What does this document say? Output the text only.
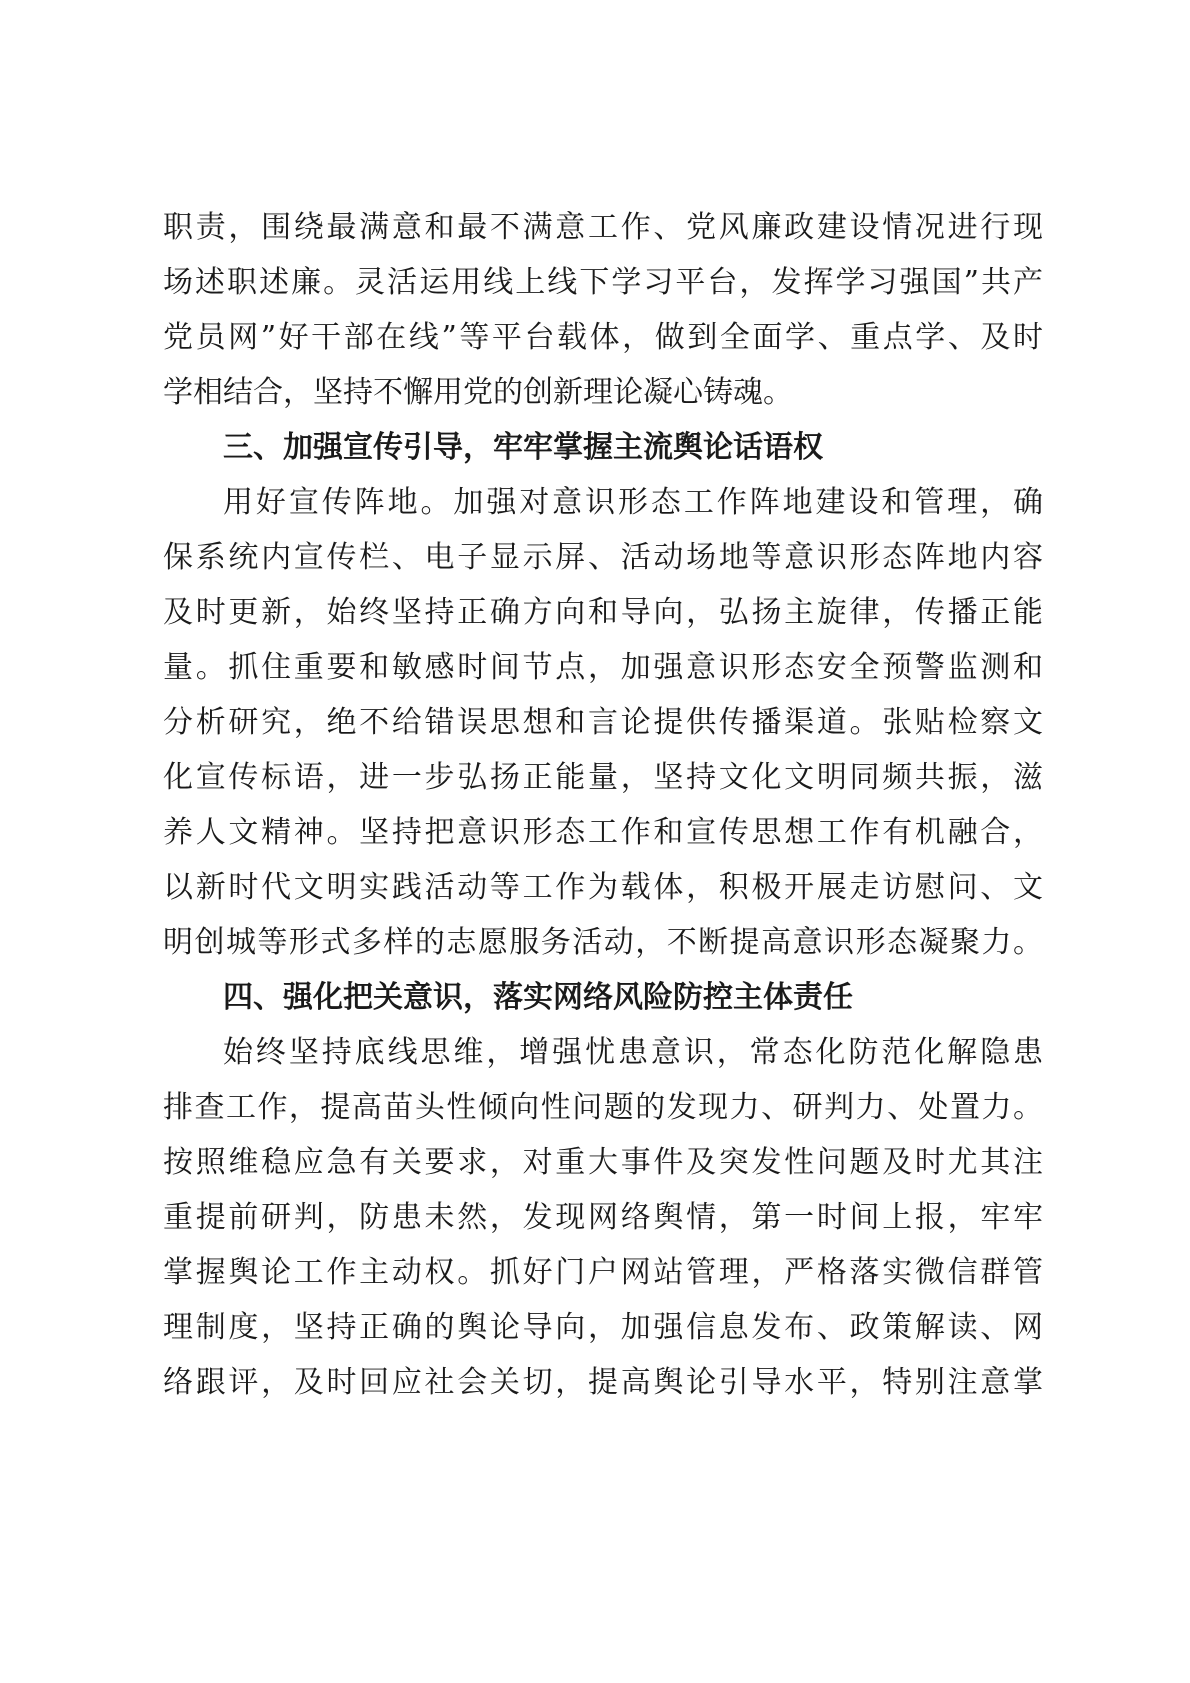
职责，围绕最满意和最不满意工作、党风廉政建设情况进行现
场述职述廉。灵活运用线上线下学习平台，发挥学习强国”共产
党员网”好干部在线”等平台载体，做到全面学、重点学、及时
学相结合，坚持不懈用党的创新理论凝心铸魂。
三、加强宣传引导，牢牢掌握主流舆论话语权
用好宣传阵地。加强对意识形态工作阵地建设和管理，确
保系统内宣传栏、电子显示屏、活动场地等意识形态阵地内容
及时更新，始终坚持正确方向和导向，弘扬主旋律，传播正能
量。抓住重要和敏感时间节点，加强意识形态安全预警监测和
分析研究，绝不给错误思想和言论提供传播渠道。张贴检察文
化宣传标语，进一步弘扬正能量，坚持文化文明同频共振，滋
养人文精神。坚持把意识形态工作和宣传思想工作有机融合，
以新时代文明实践活动等工作为载体，积极开展走访慰问、文
明创城等形式多样的志愿服务活动，不断提高意识形态凝聚力。
四、强化把关意识，落实网络风险防控主体责任
始终坚持底线思维，增强忧患意识，常态化防范化解隐患
排查工作，提高苗头性倾向性问题的发现力、研判力、处置力。
按照维稳应急有关要求，对重大事件及突发性问题及时尤其注
重提前研判，防患未然，发现网络舆情，第一时间上报，牢牢
掌握舆论工作主动权。抓好门户网站管理，严格落实微信群管
理制度，坚持正确的舆论导向，加强信息发布、政策解读、网
络跟评，及时回应社会关切，提高舆论引导水平，特别注意掌
